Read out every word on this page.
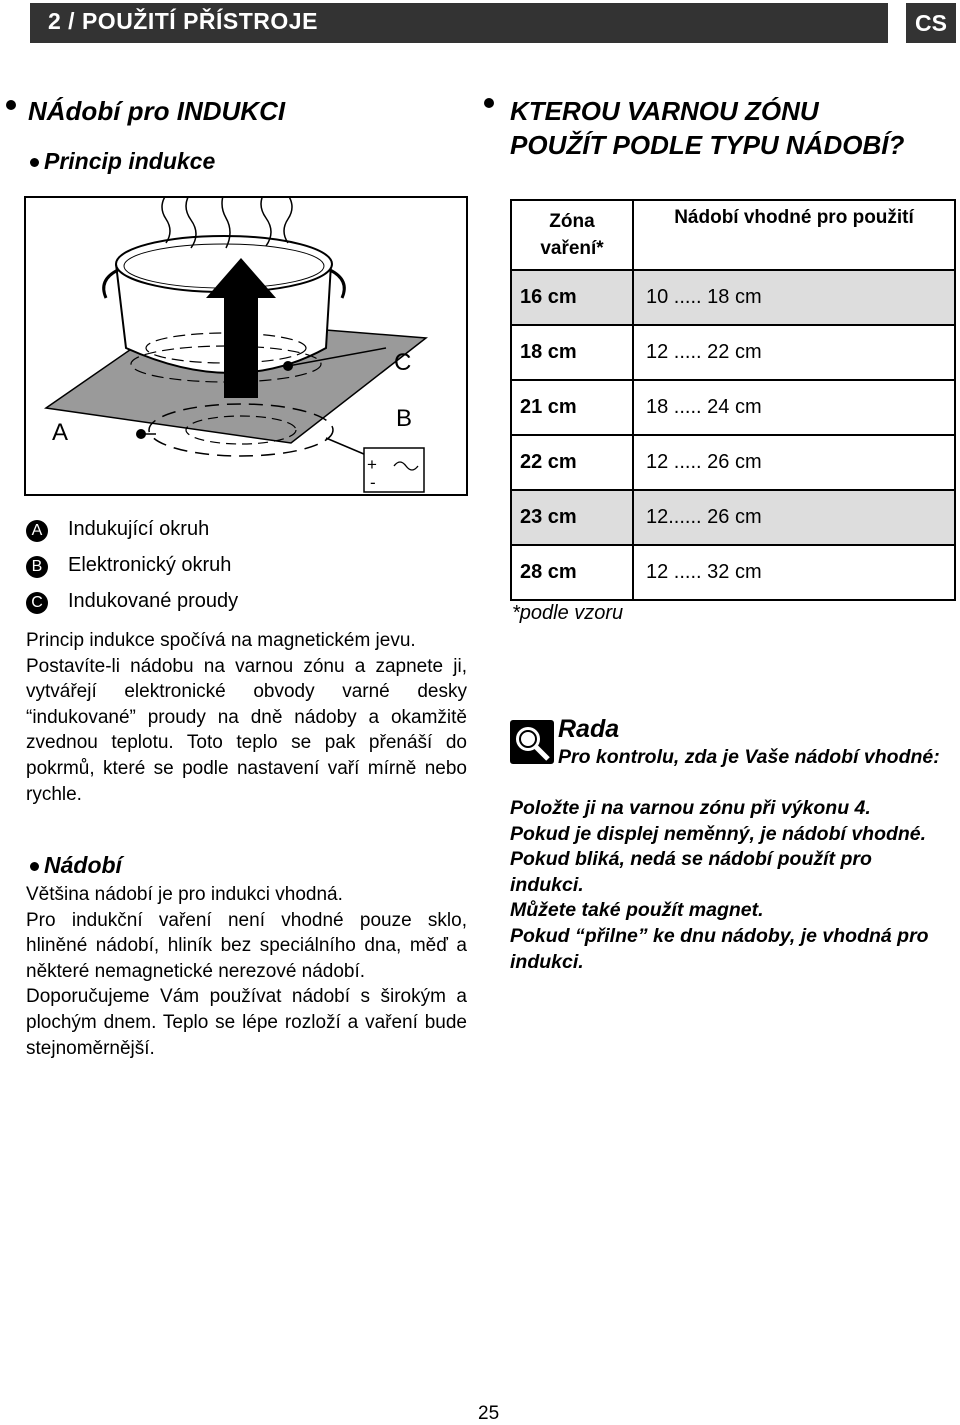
2 / POUŽITÍ PŘÍSTROJE	CS
NÁdobí pro INDUKCI
Princip indukce
A
C
B
+
-
A Indukující okruh
B Elektronický okruh
C Indukované proudy
Princip indukce spočívá na magnetickém jevu.
Postavíte-li nádobu na varnou zónu a zapnete ji, vytvářejí elektronické obvody varné desky “indukované” proudy na dně nádoby a okamžitě zvednou teplotu. Toto teplo se pak přenáší do pokrmů, které se podle nastavení vaří mírně nebo rychle.
Nádobí
Většina nádobí je pro indukci vhodná.
Pro indukční vaření není vhodné pouze sklo, hliněné nádobí, hliník bez speciálního dna, měď a některé nemagnetické nerezové nádobí.
Doporučujeme Vám používat nádobí s širokým a plochým dnem. Teplo se lépe rozloží a vaření bude stejnoměrnější.
KTEROU VARNOU ZÓNU
POUŽÍT PODLE TYPU NÁDOBÍ?
Zóna
vaření*	Nádobí vhodné pro použití
16 cm	10 ..... 18 cm
18 cm	12 ..... 22 cm
21 cm	18 ..... 24 cm
22 cm	12 ..... 26 cm
23 cm	12...... 26 cm
28 cm	12 ..... 32 cm
*podle vzoru
Rada
Pro kontrolu, zda je Vaše nádobí vhodné:
Položte ji na varnou zónu při výkonu 4.
Pokud je displej neměnný, je nádobí vhodné.
Pokud bliká, nedá se nádobí použít pro indukci.
Můžete také použít magnet.
Pokud “přilne” ke dnu nádoby, je vhodná pro indukci.
25
